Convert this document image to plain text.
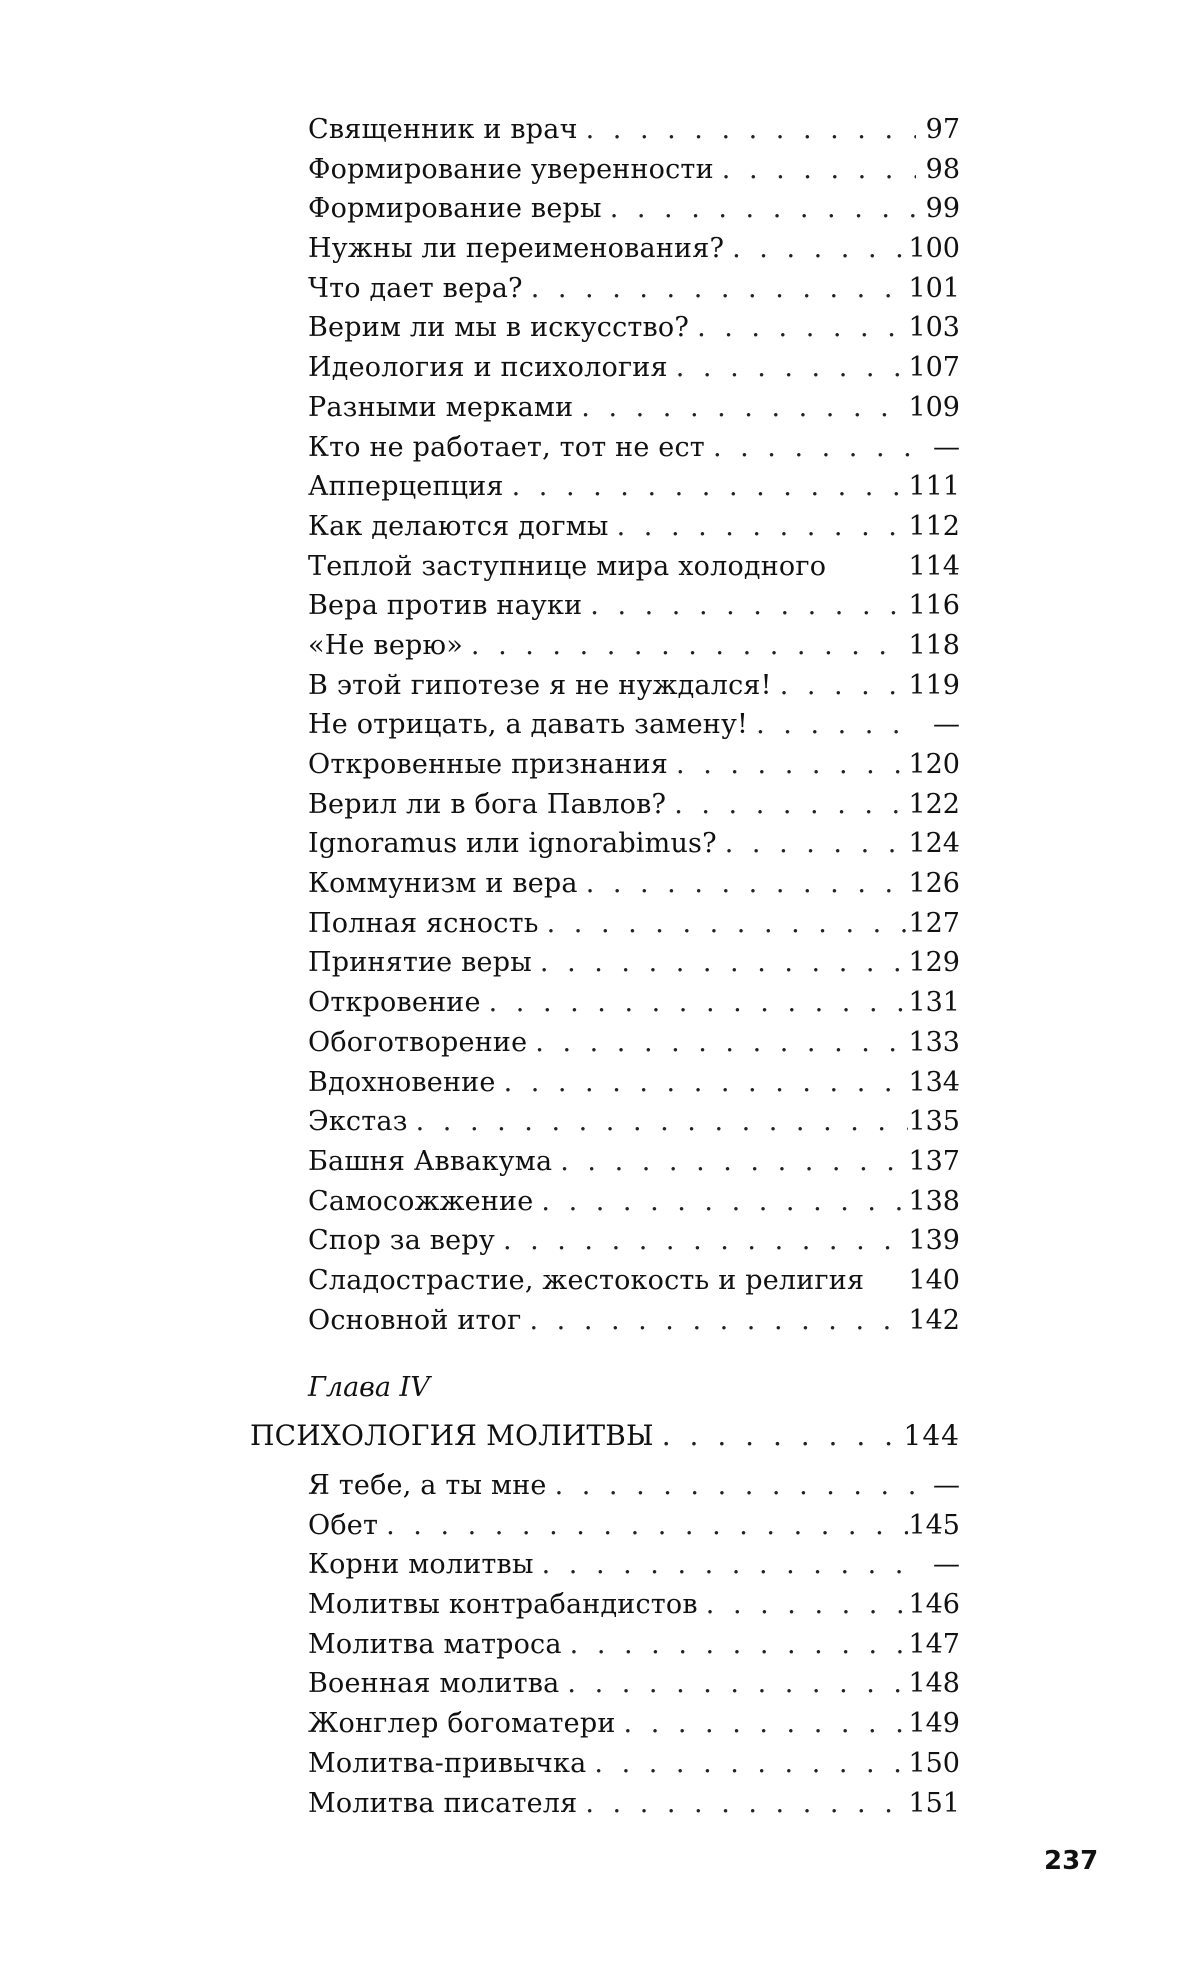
Священник и врач . . .	97
Формирование уверенности . . .	98
Формирование веры . . .	99
Нужны ли переименования? . . .	100
Что дает вера? . . .	101
Верим ли мы в искусство? . . .	103
Идеология и психология . . .	107
Разными мерками . . .	109
Кто не работает, тот не ест . . .	—
Апперцепция . . .	111
Как делаются догмы . . .	112
Теплой заступнице мира холодного	114
Вера против науки . . .	116
«Не верю» . . .	118
В этой гипотезе я не нуждался! . . .	119
Не отрицать, а давать замену! . . .	—
Откровенные признания . . .	120
Верил ли в бога Павлов? . . .	122
Ignoramus или ignorabimus? . . .	124
Коммунизм и вера . . .	126
Полная ясность . . .	127
Принятие веры . . .	129
Откровение . . .	131
Обоготворение . . .	133
Вдохновение . . .	134
Экстаз . . .	135
Башня Аввакума . . .	137
Самосожжение . . .	138
Спор за веру . . .	139
Сладострастие, жестокость и религия 140
Основной итог . . .	142
Глава IV
ПСИХОЛОГИЯ МОЛИТВЫ . . .	144
Я тебе, а ты мне . . .	—
Обет . . .	145
Корни молитвы . . .	—
Молитвы контрабандистов . . .	146
Молитва матроса . . .	147
Военная молитва . . .	148
Жонглер богоматери . . .	149
Молитва-привычка . . .	150
Молитва писателя . . .	151
237
